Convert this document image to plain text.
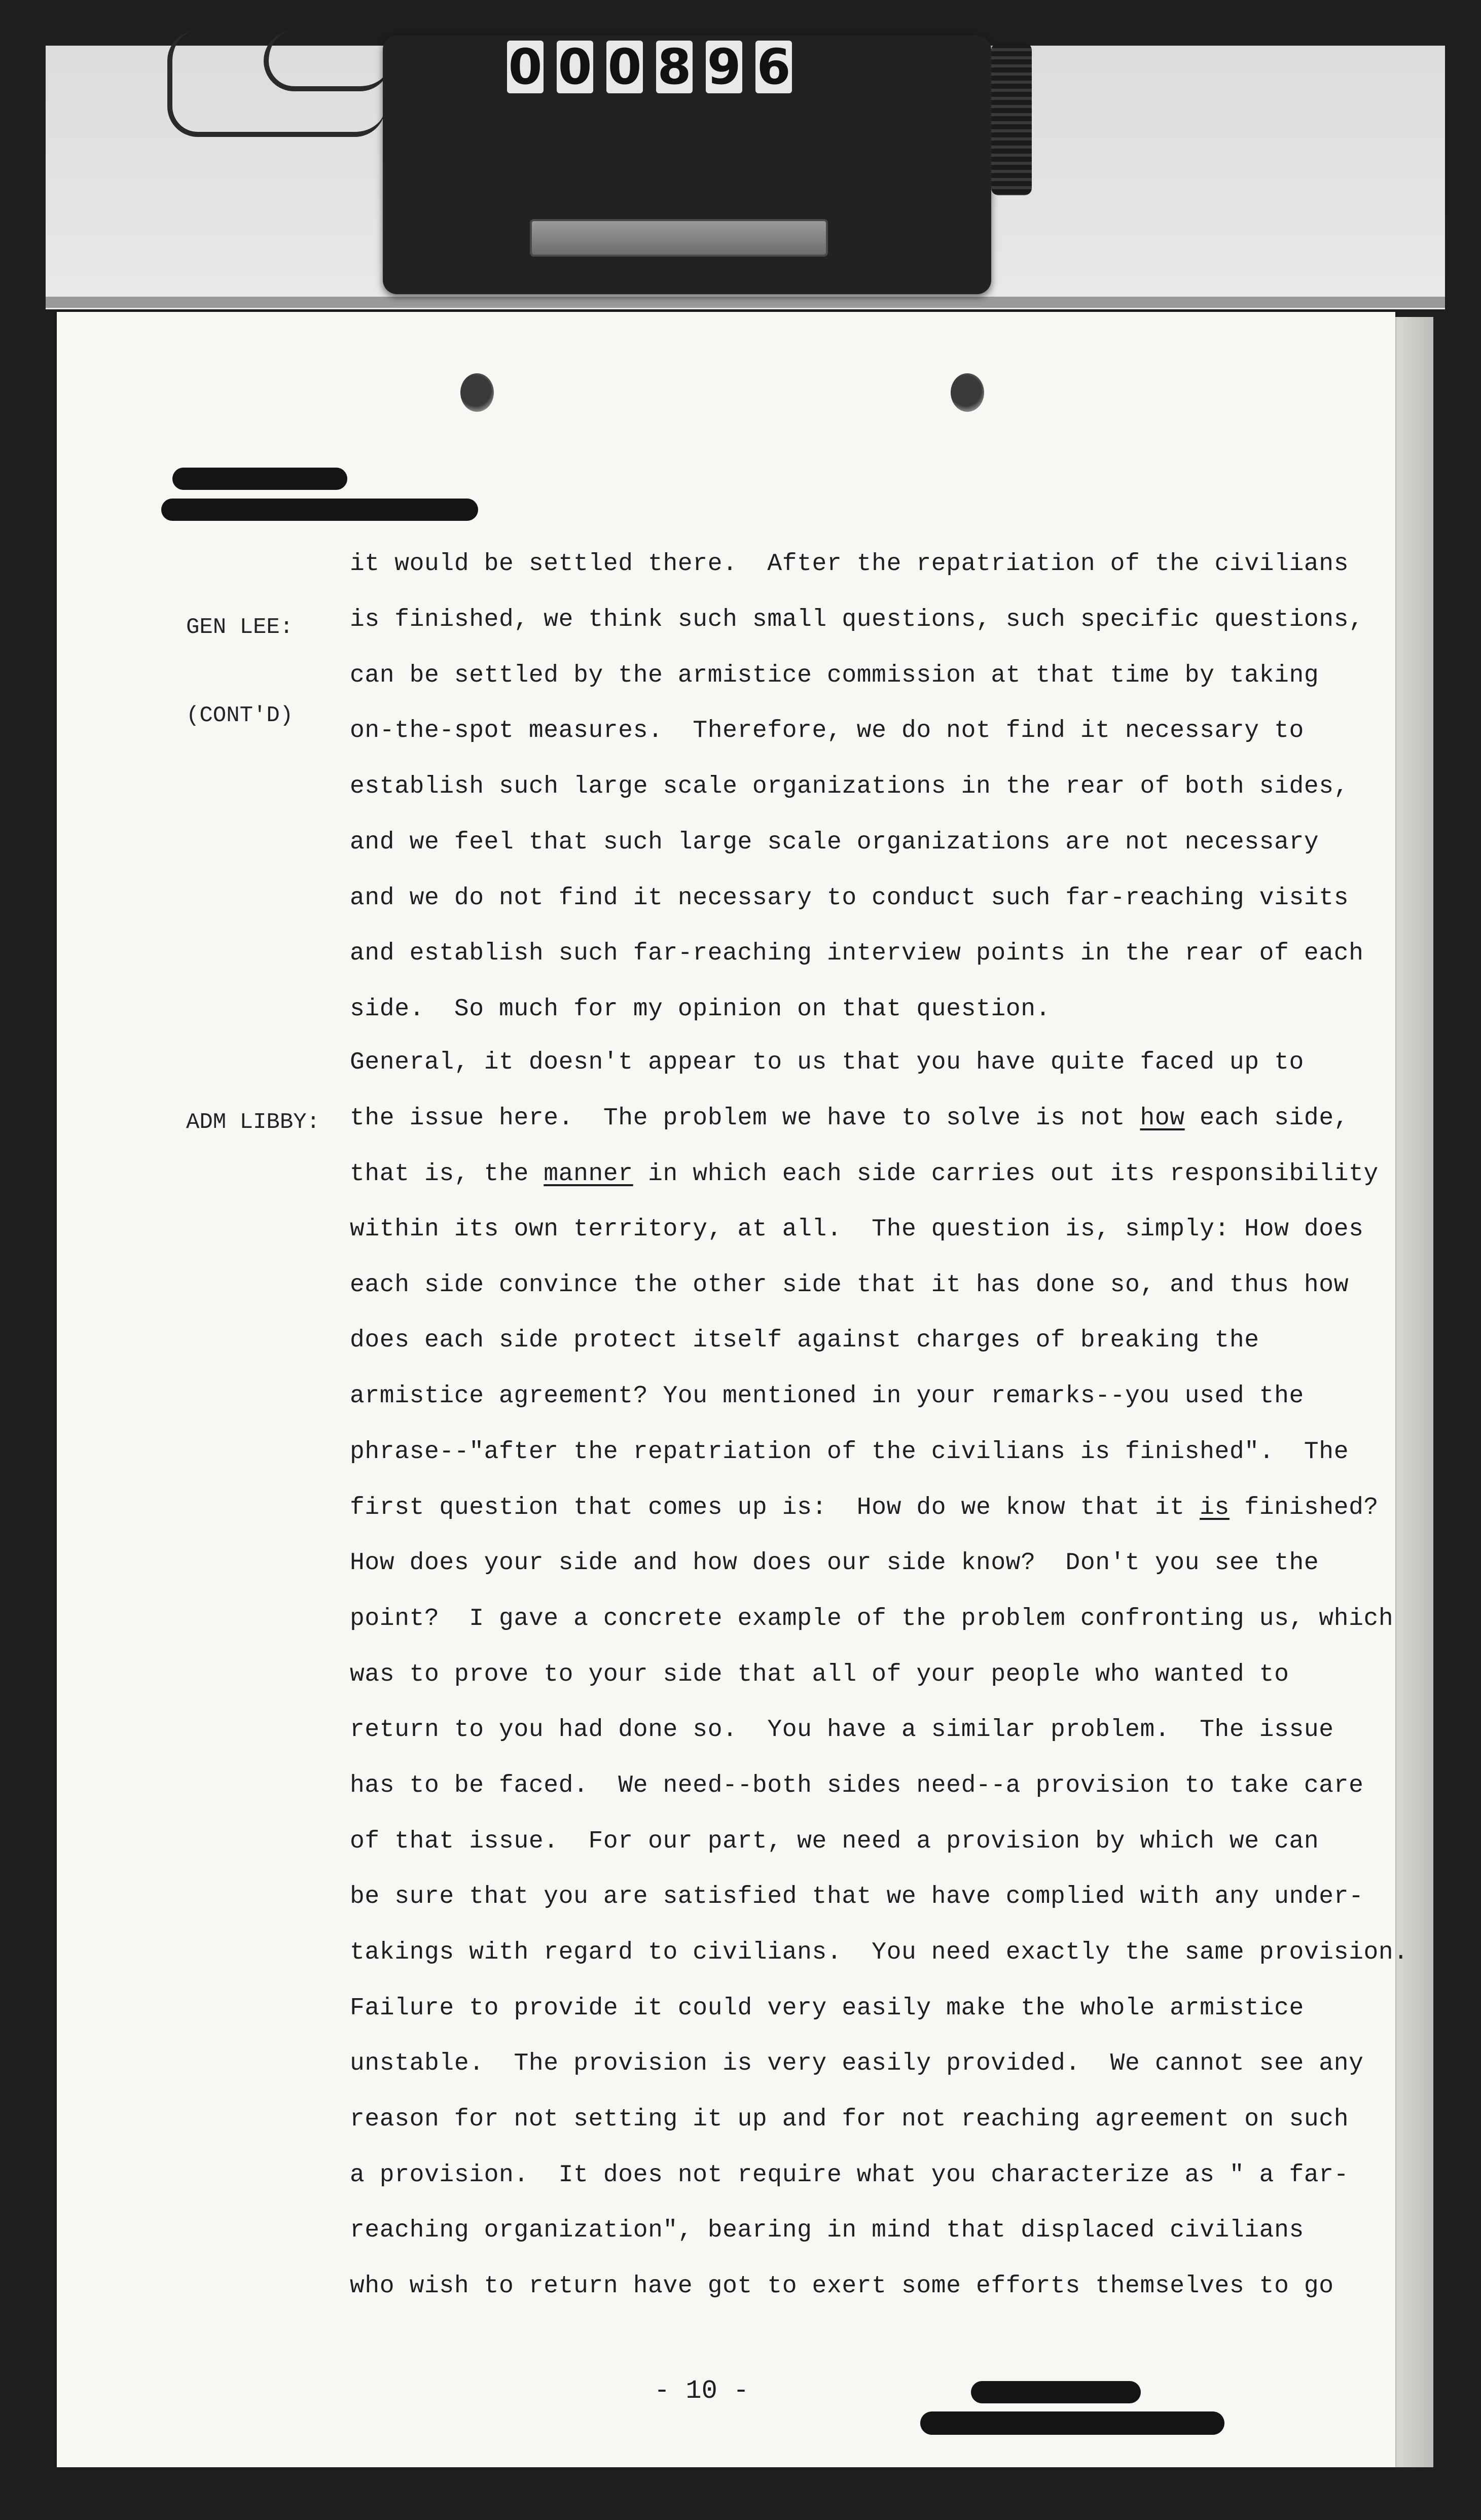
0 0 0 8 9 6

GEN LEE:

(CONT'D)

ADM LIBBY:

it would be settled there.  After the repatriation of the civilians
is finished, we think such small questions, such specific questions,
can be settled by the armistice commission at that time by taking
on-the-spot measures.  Therefore, we do not find it necessary to
establish such large scale organizations in the rear of both sides,
and we feel that such large scale organizations are not necessary
and we do not find it necessary to conduct such far-reaching visits
and establish such far-reaching interview points in the rear of each
side.  So much for my opinion on that question.
General, it doesn't appear to us that you have quite faced up to
the issue here.  The problem we have to solve is not how each side,
that is, the manner in which each side carries out its responsibility
within its own territory, at all.  The question is, simply: How does
each side convince the other side that it has done so, and thus how
does each side protect itself against charges of breaking the
armistice agreement? You mentioned in your remarks--you used the
phrase--"after the repatriation of the civilians is finished".  The
first question that comes up is:  How do we know that it is finished?
How does your side and how does our side know?  Don't you see the
point?  I gave a concrete example of the problem confronting us, which
was to prove to your side that all of your people who wanted to
return to you had done so.  You have a similar problem.  The issue
has to be faced.  We need--both sides need--a provision to take care
of that issue.  For our part, we need a provision by which we can
be sure that you are satisfied that we have complied with any under-
takings with regard to civilians.  You need exactly the same provision.
Failure to provide it could very easily make the whole armistice
unstable.  The provision is very easily provided.  We cannot see any
reason for not setting it up and for not reaching agreement on such
a provision.  It does not require what you characterize as " a far-
reaching organization", bearing in mind that displaced civilians
who wish to return have got to exert some efforts themselves to go
- 10 -
